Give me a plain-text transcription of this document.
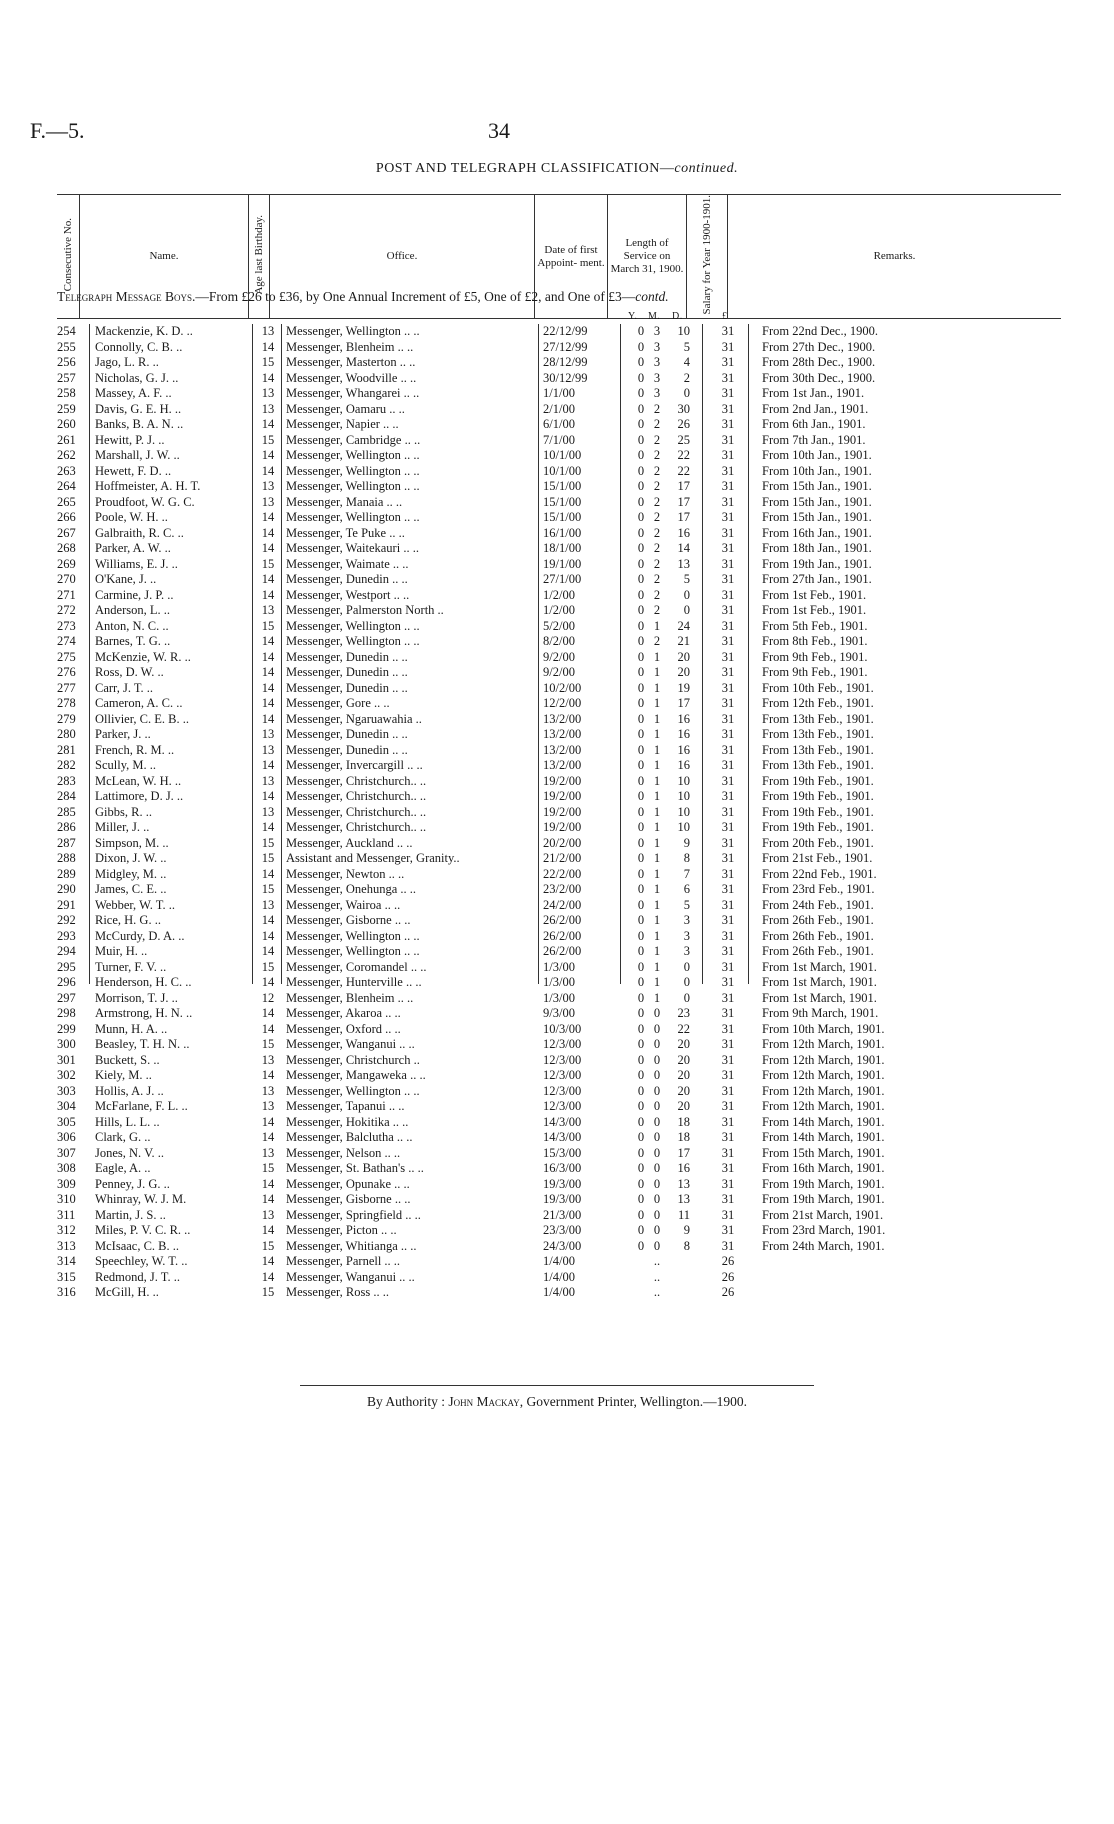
F.—5.	34
POST AND TELEGRAPH CLASSIFICATION—continued.
Consecutive No.	Name.	Age last Birthday.	Office.	Date of first Appoint- ment.	Length of Service on March 31, 1900.	Salary for Year 1900-1901.	Remarks.
Telegraph Message Boys.—From £26 to £36, by One Annual Increment of £5, One of £2, and One of £3—contd.
Y. M. D.	£
254	Mackenzie, K. D. ..	13 Messenger, Wellington .. ..	22/12/99	0 3	10	31	From 22nd Dec., 1900.
255	Connolly, C. B. ..	14 Messenger, Blenheim .. ..	27/12/99	0 3	5	31	From 27th Dec., 1900.
256	Jago, L. R. ..	15 Messenger, Masterton .. ..	28/12/99	0 3	4	31	From 28th Dec., 1900.
257	Nicholas, G. J. ..	14 Messenger, Woodville .. ..	30/12/99	0 3	2	31	From 30th Dec., 1900.
258	Massey, A. F. ..	13 Messenger, Whangarei .. ..	1/1/00	0 3	0	31	From 1st Jan., 1901.
259	Davis, G. E. H. ..	13 Messenger, Oamaru .. ..	2/1/00	0 2	30	31	From 2nd Jan., 1901.
260	Banks, B. A. N. ..	14 Messenger, Napier .. ..	6/1/00	0 2	26	31	From 6th Jan., 1901.
261	Hewitt, P. J. ..	15 Messenger, Cambridge .. ..	7/1/00	0 2	25	31	From 7th Jan., 1901.
262	Marshall, J. W. ..	14 Messenger, Wellington .. ..	10/1/00	0 2	22	31	From 10th Jan., 1901.
263	Hewett, F. D. ..	14 Messenger, Wellington .. ..	10/1/00	0 2	22	31	From 10th Jan., 1901.
264	Hoffmeister, A. H. T.	13 Messenger, Wellington .. ..	15/1/00	0 2	17	31	From 15th Jan., 1901.
265	Proudfoot, W. G. C.	13 Messenger, Manaia .. ..	15/1/00	0 2	17	31	From 15th Jan., 1901.
266	Poole, W. H. ..	14 Messenger, Wellington .. ..	15/1/00	0 2	17	31	From 15th Jan., 1901.
267	Galbraith, R. C. ..	14 Messenger, Te Puke .. ..	16/1/00	0 2	16	31	From 16th Jan., 1901.
268	Parker, A. W. ..	14 Messenger, Waitekauri .. ..	18/1/00	0 2	14	31	From 18th Jan., 1901.
269	Williams, E. J. ..	15 Messenger, Waimate .. ..	19/1/00	0 2	13	31	From 19th Jan., 1901.
270	O'Kane, J. ..	14 Messenger, Dunedin .. ..	27/1/00	0 2	5	31	From 27th Jan., 1901.
271	Carmine, J. P. ..	14 Messenger, Westport .. ..	1/2/00	0 2	0	31	From 1st Feb., 1901.
272	Anderson, L. ..	13 Messenger, Palmerston North ..	1/2/00	0 2	0	31	From 1st Feb., 1901.
273	Anton, N. C. ..	15 Messenger, Wellington .. ..	5/2/00	0 1	24	31	From 5th Feb., 1901.
274	Barnes, T. G. ..	14 Messenger, Wellington .. ..	8/2/00	0 2	21	31	From 8th Feb., 1901.
275	McKenzie, W. R. ..	14 Messenger, Dunedin .. ..	9/2/00	0 1	20	31	From 9th Feb., 1901.
276	Ross, D. W. ..	14 Messenger, Dunedin .. ..	9/2/00	0 1	20	31	From 9th Feb., 1901.
277	Carr, J. T. ..	14 Messenger, Dunedin .. ..	10/2/00	0 1	19	31	From 10th Feb., 1901.
278	Cameron, A. C. ..	14 Messenger, Gore .. ..	12/2/00	0 1	17	31	From 12th Feb., 1901.
279	Ollivier, C. E. B. ..	14 Messenger, Ngaruawahia ..	13/2/00	0 1	16	31	From 13th Feb., 1901.
280	Parker, J. ..	13 Messenger, Dunedin .. ..	13/2/00	0 1	16	31	From 13th Feb., 1901.
281	French, R. M. ..	13 Messenger, Dunedin .. ..	13/2/00	0 1	16	31	From 13th Feb., 1901.
282	Scully, M. ..	14 Messenger, Invercargill .. ..	13/2/00	0 1	16	31	From 13th Feb., 1901.
283	McLean, W. H. ..	13 Messenger, Christchurch.. ..	19/2/00	0 1	10	31	From 19th Feb., 1901.
284	Lattimore, D. J. ..	14 Messenger, Christchurch.. ..	19/2/00	0 1	10	31	From 19th Feb., 1901.
285	Gibbs, R. ..	13 Messenger, Christchurch.. ..	19/2/00	0 1	10	31	From 19th Feb., 1901.
286	Miller, J. ..	14 Messenger, Christchurch.. ..	19/2/00	0 1	10	31	From 19th Feb., 1901.
287	Simpson, M. ..	15 Messenger, Auckland .. ..	20/2/00	0 1	9	31	From 20th Feb., 1901.
288	Dixon, J. W. ..	15 Assistant and Messenger, Granity..	21/2/00	0 1	8	31	From 21st Feb., 1901.
289	Midgley, M. ..	14 Messenger, Newton .. ..	22/2/00	0 1	7	31	From 22nd Feb., 1901.
290	James, C. E. ..	15 Messenger, Onehunga .. ..	23/2/00	0 1	6	31	From 23rd Feb., 1901.
291	Webber, W. T. ..	13 Messenger, Wairoa .. ..	24/2/00	0 1	5	31	From 24th Feb., 1901.
292	Rice, H. G. ..	14 Messenger, Gisborne .. ..	26/2/00	0 1	3	31	From 26th Feb., 1901.
293	McCurdy, D. A. ..	14 Messenger, Wellington .. ..	26/2/00	0 1	3	31	From 26th Feb., 1901.
294	Muir, H. ..	14 Messenger, Wellington .. ..	26/2/00	0 1	3	31	From 26th Feb., 1901.
295	Turner, F. V. ..	15 Messenger, Coromandel .. ..	1/3/00	0 1	0	31	From 1st March, 1901.
296	Henderson, H. C. ..	14 Messenger, Hunterville .. ..	1/3/00	0 1	0	31	From 1st March, 1901.
297	Morrison, T. J. ..	12 Messenger, Blenheim .. ..	1/3/00	0 1	0	31	From 1st March, 1901.
298	Armstrong, H. N. ..	14 Messenger, Akaroa .. ..	9/3/00	0 0	23	31	From 9th March, 1901.
299	Munn, H. A. ..	14 Messenger, Oxford .. ..	10/3/00	0 0	22	31	From 10th March, 1901.
300	Beasley, T. H. N. ..	15 Messenger, Wanganui .. ..	12/3/00	0 0	20	31	From 12th March, 1901.
301	Buckett, S. ..	13 Messenger, Christchurch ..	12/3/00	0 0	20	31	From 12th March, 1901.
302	Kiely, M. ..	14 Messenger, Mangaweka .. ..	12/3/00	0 0	20	31	From 12th March, 1901.
303	Hollis, A. J. ..	13 Messenger, Wellington .. ..	12/3/00	0 0	20	31	From 12th March, 1901.
304	McFarlane, F. L. ..	13 Messenger, Tapanui .. ..	12/3/00	0 0	20	31	From 12th March, 1901.
305	Hills, L. L. ..	14 Messenger, Hokitika .. ..	14/3/00	0 0	18	31	From 14th March, 1901.
306	Clark, G. ..	14 Messenger, Balclutha .. ..	14/3/00	0 0	18	31	From 14th March, 1901.
307	Jones, N. V. ..	13 Messenger, Nelson .. ..	15/3/00	0 0	17	31	From 15th March, 1901.
308	Eagle, A. ..	15 Messenger, St. Bathan's .. ..	16/3/00	0 0	16	31	From 16th March, 1901.
309	Penney, J. G. ..	14 Messenger, Opunake .. ..	19/3/00	0 0	13	31	From 19th March, 1901.
310	Whinray, W. J. M.	14 Messenger, Gisborne .. ..	19/3/00	0 0	13	31	From 19th March, 1901.
311	Martin, J. S. ..	13 Messenger, Springfield .. ..	21/3/00	0 0	11	31	From 21st March, 1901.
312	Miles, P. V. C. R. ..	14 Messenger, Picton .. ..	23/3/00	0 0	9	31	From 23rd March, 1901.
313	McIsaac, C. B. ..	15 Messenger, Whitianga .. ..	24/3/00	0 0	8	31	From 24th March, 1901.
314	Speechley, W. T. ..	14 Messenger, Parnell .. ..	1/4/00	..	26
315	Redmond, J. T. ..	14 Messenger, Wanganui .. ..	1/4/00	..	26
316	McGill, H. ..	15 Messenger, Ross .. ..	1/4/00	..	26
By Authority : John Mackay, Government Printer, Wellington.—1900.
